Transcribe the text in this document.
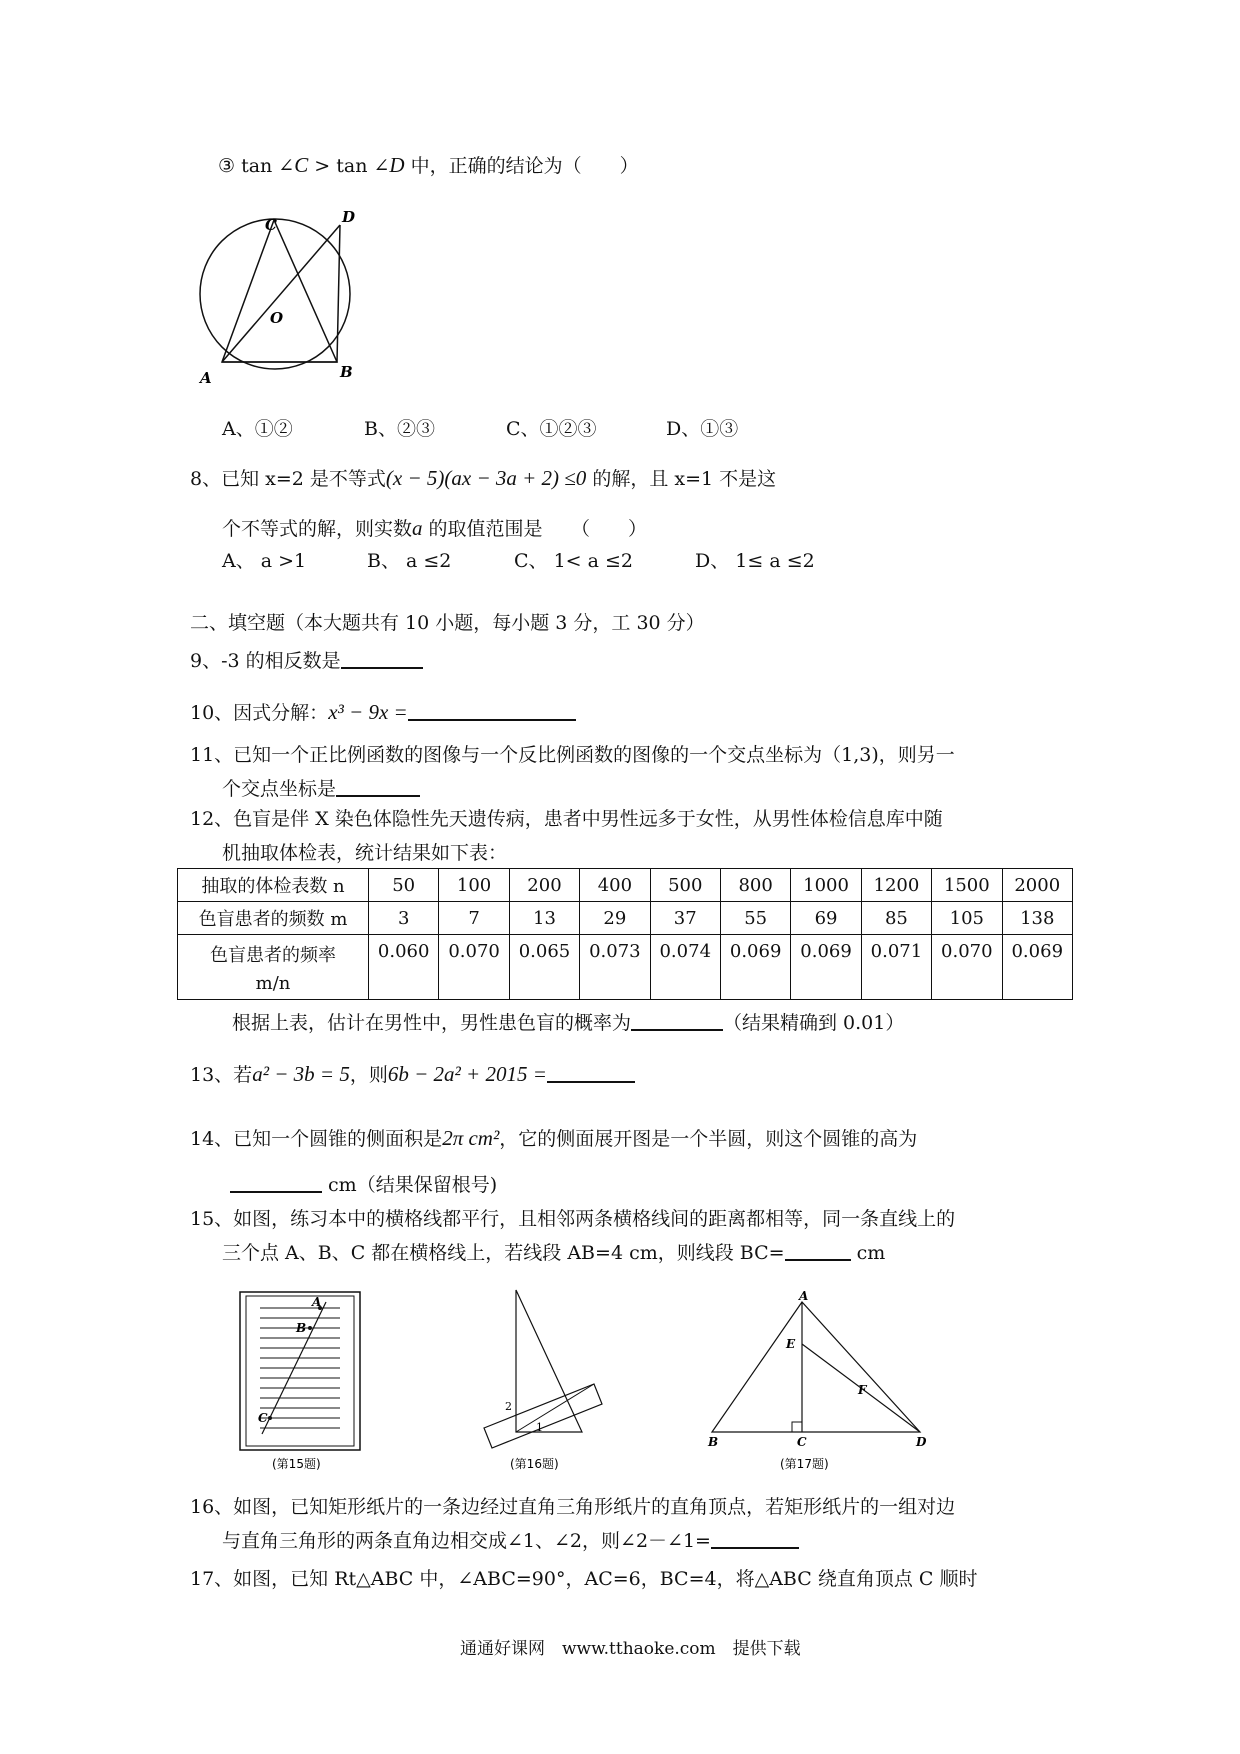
③ tan ∠C > tan ∠D 中，正确的结论为（　　）
C	D
O
A	B
A、①②	B、②③	C、①②③	D、①③
8、已知 x=2 是不等式(x − 5)(ax − 3a + 2) ≤0 的解，且 x=1 不是这
个不等式的解，则实数a 的取值范围是　　（　　）
A、 a >1	B、 a ≤2	C、 1< a ≤2	D、 1≤ a ≤2
二、填空题（本大题共有 10 小题，每小题 3 分，工 30 分）
9、-3 的相反数是
10、因式分解：x³ − 9x =
11、已知一个正比例函数的图像与一个反比例函数的图像的一个交点坐标为（1,3)，则另一
个交点坐标是
12、色盲是伴 X 染色体隐性先天遗传病，患者中男性远多于女性，从男性体检信息库中随
机抽取体检表，统计结果如下表：
抽取的体检表数 n	50	100	200	400	500	800	1000	1200	1500	2000
色盲患者的频数 m	3	7	13	29	37	55	69	85	105	138

色盲患者的频率
m/n	0.060	0.070	0.065	0.073	0.074	0.069	0.069	0.071	0.070	0.069
根据上表，估计在男性中，男性患色盲的概率为	（结果精确到 0.01）
13、若a² − 3b = 5，则6b − 2a² + 2015 =
14、已知一个圆锥的侧面积是2π cm²，它的侧面展开图是一个半圆，则这个圆锥的高为
cm（结果保留根号)
15、如图，练习本中的横格线都平行，且相邻两条横格线间的距离都相等，同一条直线上的
三个点 A、B、C 都在横格线上，若线段 AB=4 cm，则线段 BC=	cm
A
B
C
(第15题)
2
1
(第16题)
A
E
F
B	C	D
(第17题)
16、如图，已知矩形纸片的一条边经过直角三角形纸片的直角顶点，若矩形纸片的一组对边
与直角三角形的两条直角边相交成∠1、∠2，则∠2－∠1=
17、如图，已知 Rt△ABC 中，∠ABC=90°，AC=6，BC=4，将△ABC 绕直角顶点 C 顺时
通通好课网　www.tthaoke.com　提供下载
